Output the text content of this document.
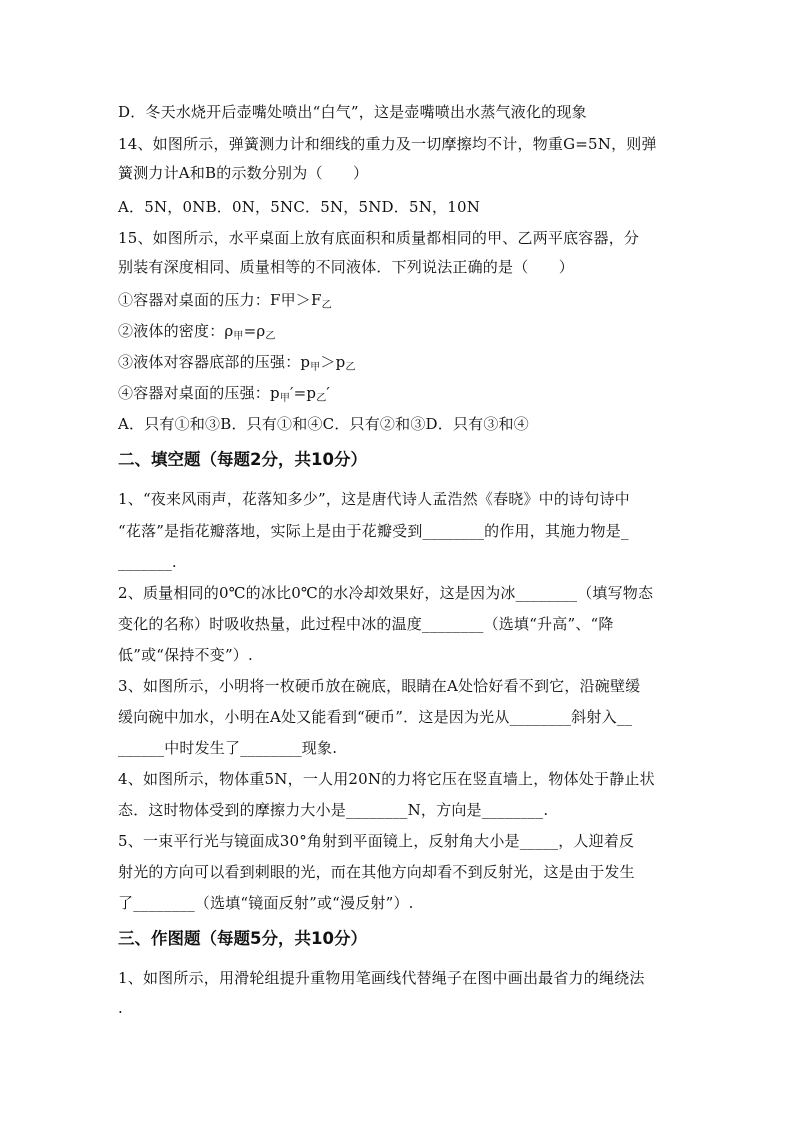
D．冬天水烧开后壶嘴处喷出“白气”，这是壶嘴喷出水蒸气液化的现象
14、如图所示，弹簧测力计和细线的重力及一切摩擦均不计，物重G=5N，则弹
簧测力计A和B的示数分别为（　　）
A．5N，0NB．0N，5NC．5N，5ND．5N，10N
15、如图所示，水平桌面上放有底面积和质量都相同的甲、乙两平底容器，分
别装有深度相同、质量相等的不同液体．下列说法正确的是（　　）
①容器对桌面的压力：F甲$>F_乙$
②液体的密度：$\rho_甲=\rho_乙$
③液体对容器底部的压强：$p_甲>p_乙$
④容器对桌面的压强：$p_甲'=p_乙'$
A．只有①和③B．只有①和④C．只有②和③D．只有③和④
二、填空题（每题2分，共10分）
1、“夜来风雨声，花落知多少”，这是唐代诗人孟浩然《春晓》中的诗句诗中
“花落”是指花瓣落地，实际上是由于花瓣受到________的作用，其施力物是_
_______.
2、质量相同的0℃的冰比0℃的水冷却效果好，这是因为冰________（填写物态
变化的名称）时吸收热量，此过程中冰的温度________（选填“升高”、“降
低”或“保持不变”）.
3、如图所示，小明将一枚硬币放在碗底，眼睛在A处恰好看不到它，沿碗壁缓
缓向碗中加水，小明在A处又能看到“硬币”．这是因为光从________斜射入__
______中时发生了________现象.
4、如图所示，物体重5N，一人用20N的力将它压在竖直墙上，物体处于静止状
态．这时物体受到的摩擦力大小是________N，方向是________.
5、一束平行光与镜面成30°角射到平面镜上，反射角大小是_____，人迎着反
射光的方向可以看到刺眼的光，而在其他方向却看不到反射光，这是由于发生
了________（选填“镜面反射”或“漫反射”）.
三、作图题（每题5分，共10分）
1、如图所示，用滑轮组提升重物用笔画线代替绳子在图中画出最省力的绳绕法
.
